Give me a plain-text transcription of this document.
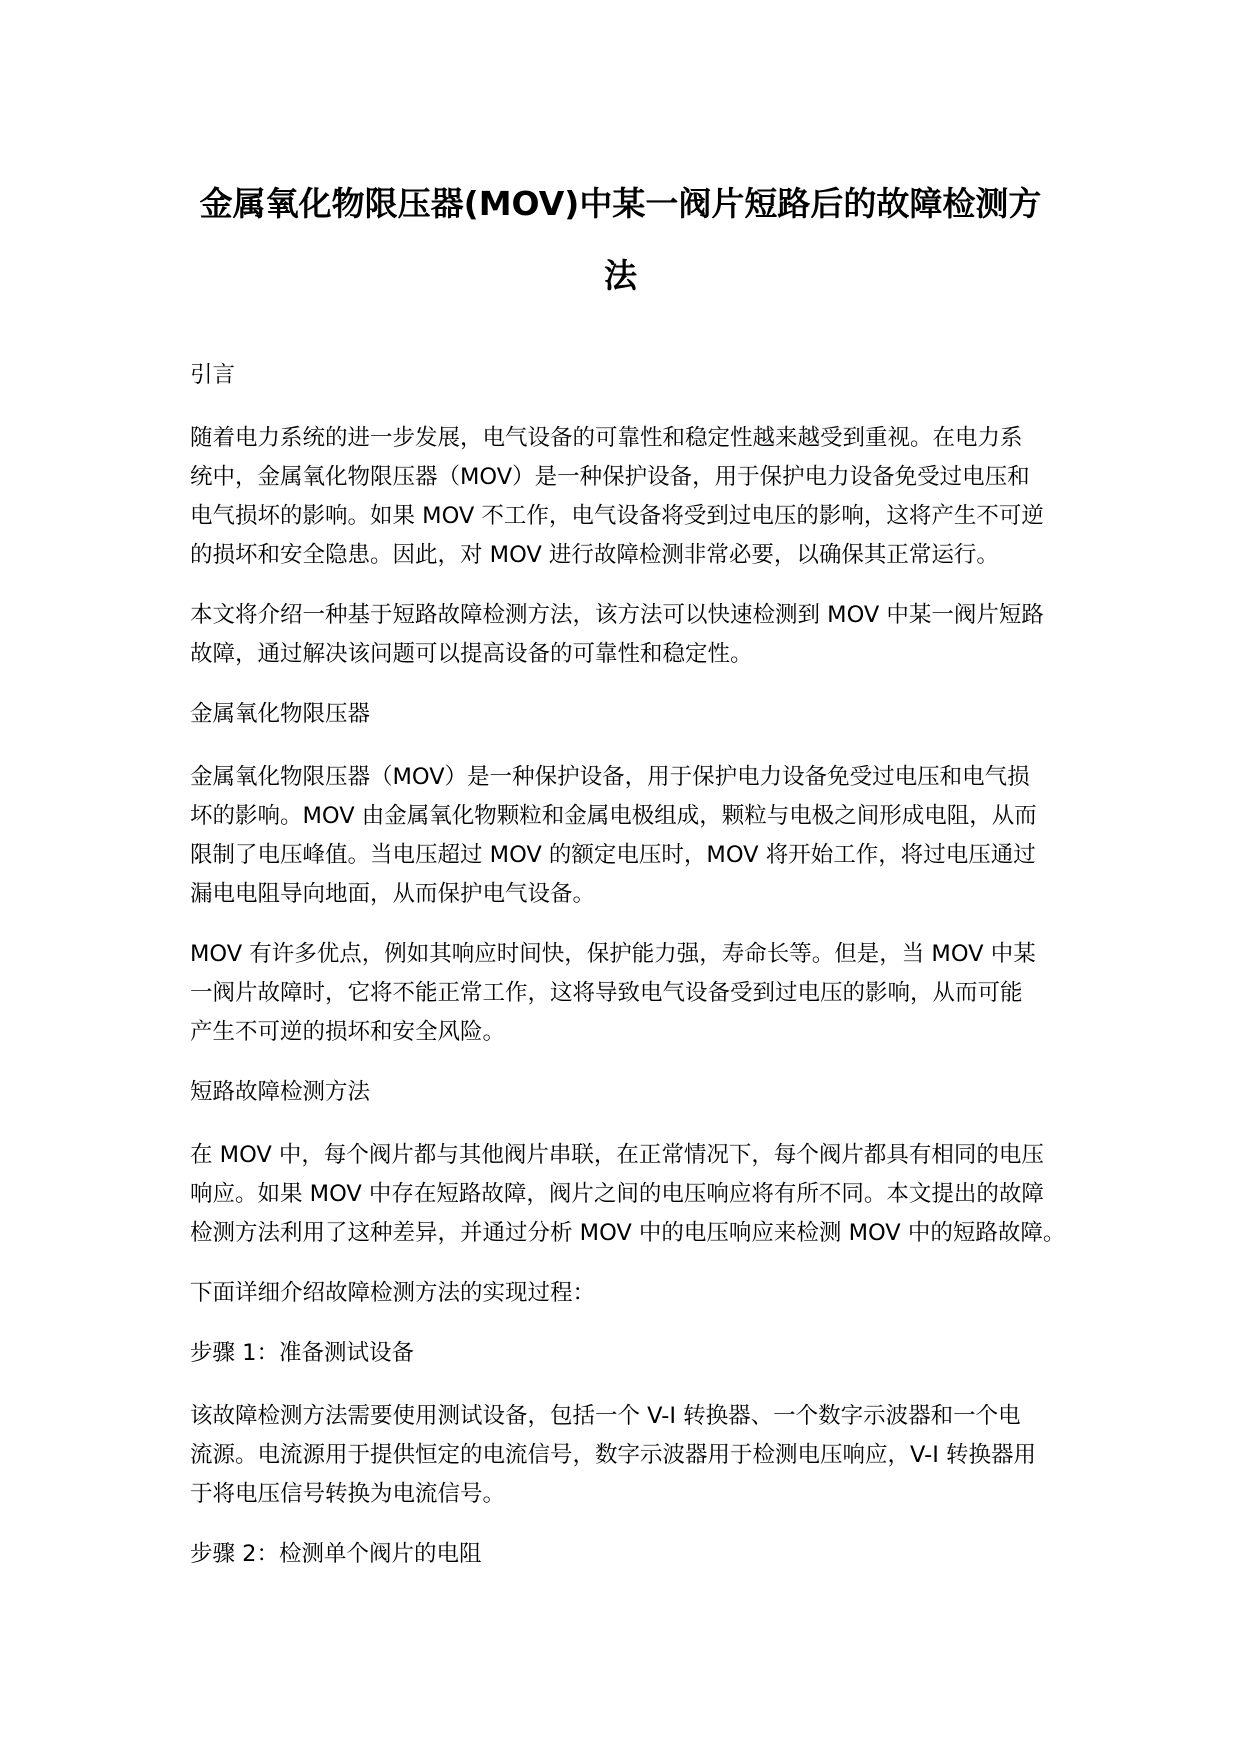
金属氧化物限压器(MOV)中某一阀片短路后的故障检测方
法

引言

随着电力系统的进一步发展，电气设备的可靠性和稳定性越来越受到重视。在电力系
统中，金属氧化物限压器（MOV）是一种保护设备，用于保护电力设备免受过电压和
电气损坏的影响。如果 MOV 不工作，电气设备将受到过电压的影响，这将产生不可逆
的损坏和安全隐患。因此，对 MOV 进行故障检测非常必要，以确保其正常运行。

本文将介绍一种基于短路故障检测方法，该方法可以快速检测到 MOV 中某一阀片短路
故障，通过解决该问题可以提高设备的可靠性和稳定性。

金属氧化物限压器

金属氧化物限压器（MOV）是一种保护设备，用于保护电力设备免受过电压和电气损
坏的影响。MOV 由金属氧化物颗粒和金属电极组成，颗粒与电极之间形成电阻，从而
限制了电压峰值。当电压超过 MOV 的额定电压时，MOV 将开始工作，将过电压通过
漏电电阻导向地面，从而保护电气设备。

MOV 有许多优点，例如其响应时间快，保护能力强，寿命长等。但是，当 MOV 中某
一阀片故障时，它将不能正常工作，这将导致电气设备受到过电压的影响，从而可能
产生不可逆的损坏和安全风险。

短路故障检测方法

在 MOV 中，每个阀片都与其他阀片串联，在正常情况下，每个阀片都具有相同的电压
响应。如果 MOV 中存在短路故障，阀片之间的电压响应将有所不同。本文提出的故障
检测方法利用了这种差异，并通过分析 MOV 中的电压响应来检测 MOV 中的短路故障。

下面详细介绍故障检测方法的实现过程：

步骤 1：准备测试设备

该故障检测方法需要使用测试设备，包括一个 V-I 转换器、一个数字示波器和一个电
流源。电流源用于提供恒定的电流信号，数字示波器用于检测电压响应，V-I 转换器用
于将电压信号转换为电流信号。

步骤 2：检测单个阀片的电阻
